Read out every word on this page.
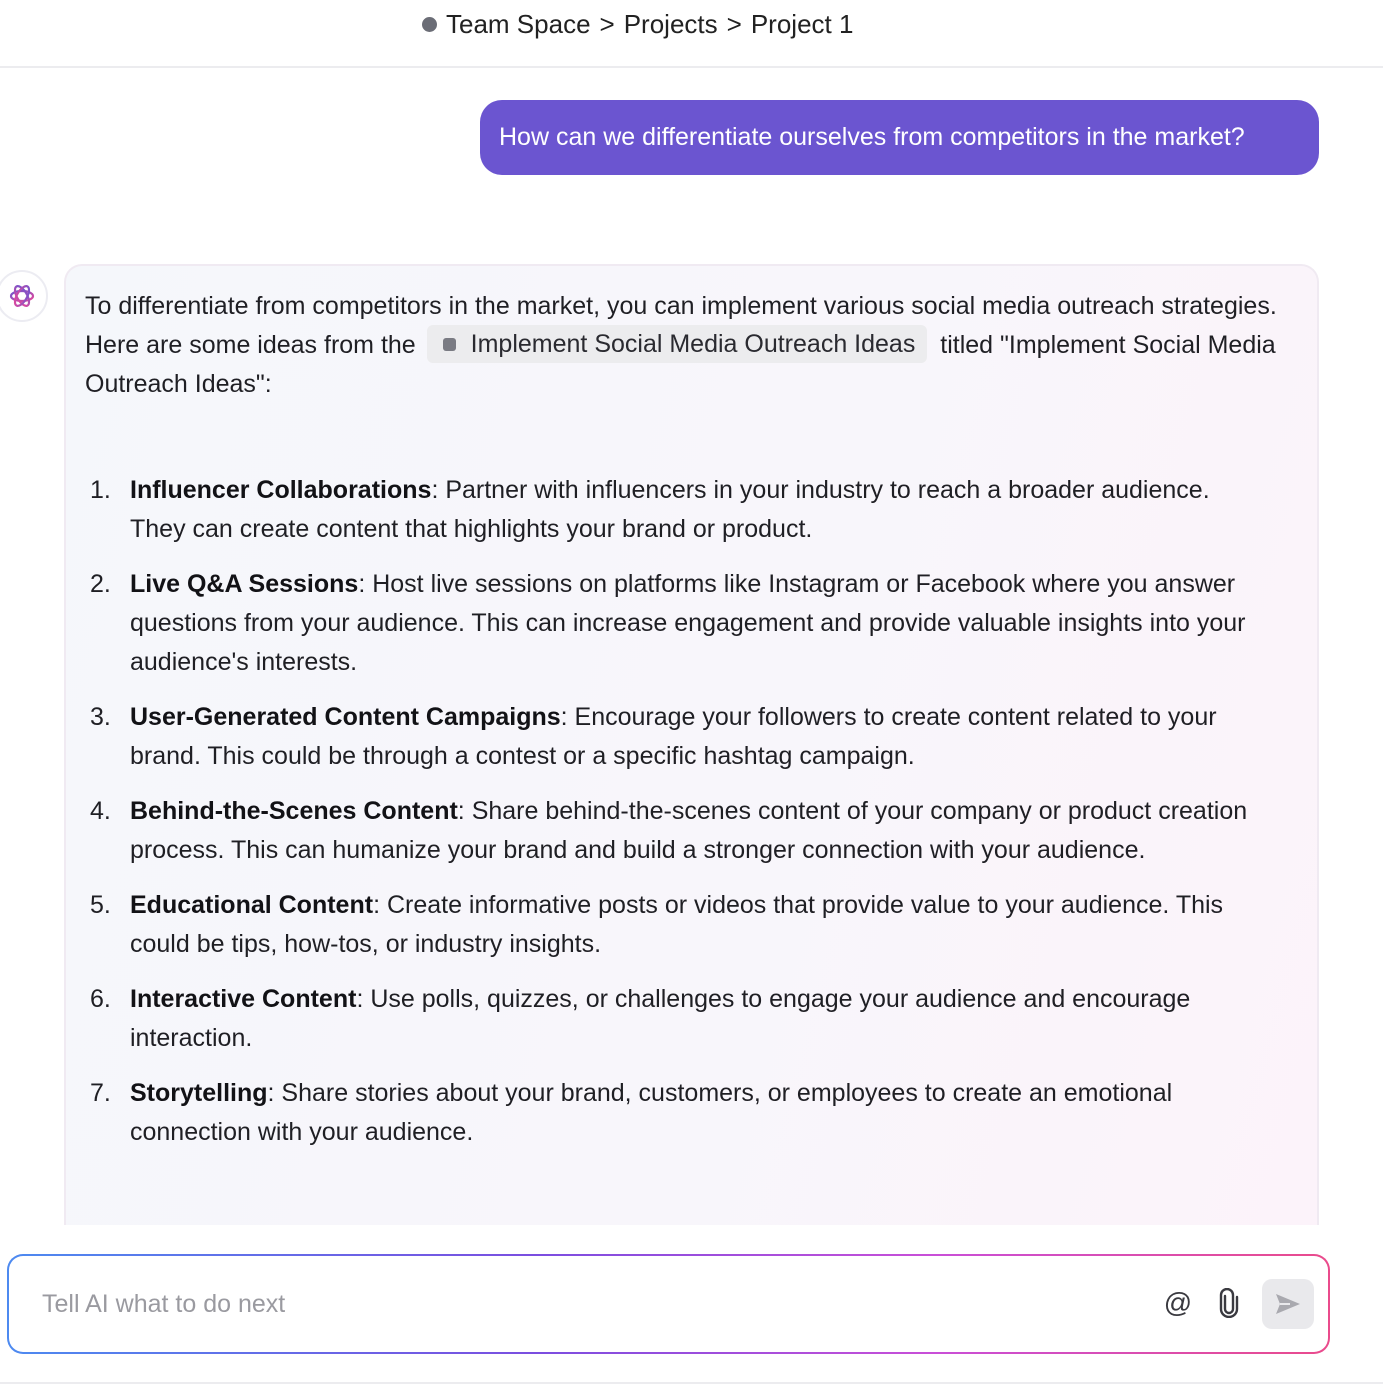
Team Space > Projects > Project 1
How can we differentiate ourselves from competitors in the market?
To differentiate from competitors in the market, you can implement various social media outreach strategies. Here are some ideas from the Implement Social Media Outreach Ideas titled "Implement Social Media Outreach Ideas":
1. Influencer Collaborations: Partner with influencers in your industry to reach a broader audience. They can create content that highlights your brand or product.
2. Live Q&A Sessions: Host live sessions on platforms like Instagram or Facebook where you answer questions from your audience. This can increase engagement and provide valuable insights into your audience's interests.
3. User-Generated Content Campaigns: Encourage your followers to create content related to your brand. This could be through a contest or a specific hashtag campaign.
4. Behind-the-Scenes Content: Share behind-the-scenes content of your company or product creation process. This can humanize your brand and build a stronger connection with your audience.
5. Educational Content: Create informative posts or videos that provide value to your audience. This could be tips, how-tos, or industry insights.
6. Interactive Content: Use polls, quizzes, or challenges to engage your audience and encourage interaction.
7. Storytelling: Share stories about your brand, customers, or employees to create an emotional connection with your audience.
Tell AI what to do next
@
